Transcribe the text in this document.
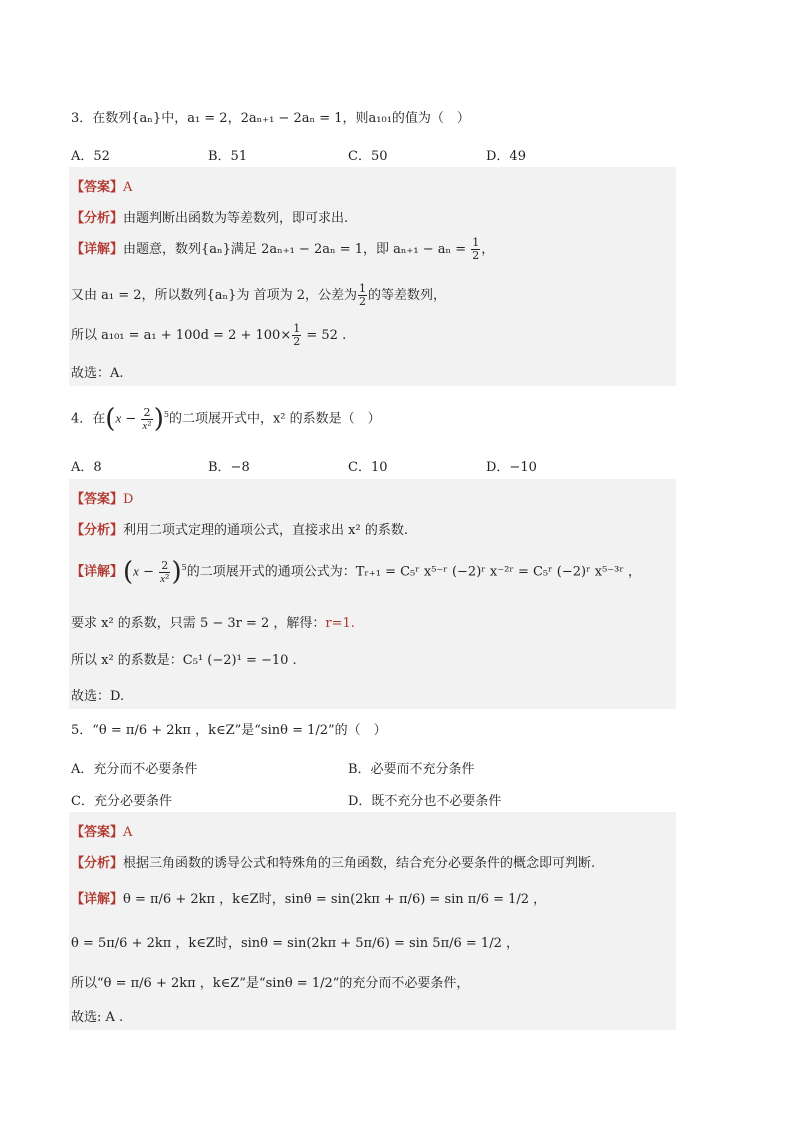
3．在数列{aₙ}中，a₁ = 2，2aₙ₊₁ − 2aₙ = 1，则a₁₀₁的值为（　）
A．52	B．51	C．50	D．49
【答案】A
【分析】由题判断出函数为等差数列，即可求出.
【详解】由题意，数列{aₙ}满足 2aₙ₊₁ − 2aₙ = 1，即 $a_{n+1} - a_n = \frac{1}{2}$ ，
又由 a₁ = 2，所以数列{aₙ}为 首项为 2，公差为 $\frac{1}{2}$ 的等差数列，
所以 $a_{101} = a_1 + 100d = 2 + 100\times \frac{1}{2} = 52$ .
故选：A.
4．在$(x - \frac{2}{\text{x²}} )^5$的二项展开式中，x² 的系数是（　）
A．8	B．−8	C．10	D．−10
【答案】D
【分析】利用二项式定理的通项公式，直接求出 x² 的系数.
【详解】$(x - \frac{2}{\text{x²}} )^5$的二项展开式的通项公式为：Tᵣ₊₁ = C₅ʳ x⁵⁻ʳ (−2)ʳ x⁻²ʳ = C₅ʳ (−2)ʳ x⁵⁻³ʳ ，
要求 x² 的系数，只需 5 − 3r = 2 ，解得：r=1.
所以 x² 的系数是：C₅¹ (−2)¹ = −10 .
故选：D.
5．“θ = π/6 + 2kπ ，k∈Z”是“sinθ = 1/2”的（　）
A．充分而不必要条件	B．必要而不充分条件
C．充分必要条件	D．既不充分也不必要条件
【答案】A
【分析】根据三角函数的诱导公式和特殊角的三角函数，结合充分必要条件的概念即可判断.
【详解】θ = π/6 + 2kπ ，k∈Z时，sinθ = sin(2kπ + π/6) = sin π/6 = 1/2 ，
θ = 5π/6 + 2kπ ，k∈Z时，sinθ = sin(2kπ + 5π/6) = sin 5π/6 = 1/2 ，
所以“θ = π/6 + 2kπ ，k∈Z”是“sinθ = 1/2”的充分而不必要条件，
故选: A .
